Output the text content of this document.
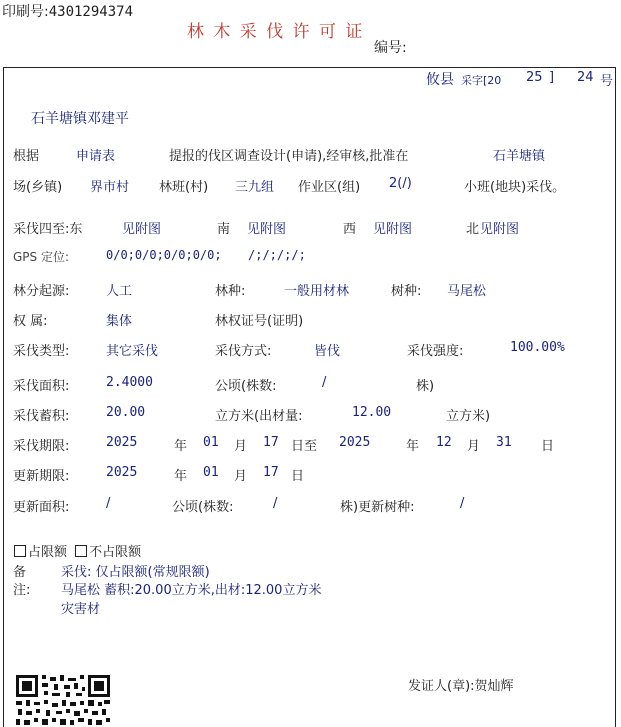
印刷号:4301294374
林 木 采 伐 许 可 证
编号:
攸县 采字[20 25 ] 24 号
石羊塘镇邓建平
根据	申请表	提报的伐区调查设计(申请),经审核,批准在	石羊塘镇
场(乡镇) 界市村 林班(村) 三九组 作业区(组) 2(/)	小班(地块)采伐。
采伐四至:东	见附图	南 见附图	西 见附图	北 见附图
GPS 定位:	0/0;0/0;0/0;0/0; /;/;/;/;
林分起源:	人工	林种:	一般用材林	树种: 马尾松
权 属:	集体	林权证号(证明)
采伐类型:	其它采伐	采伐方式:	皆伐	采伐强度:	100.00%
采伐面积:	2.4000	公顷(株数:	/	株)
采伐蓄积:	20.00	立方米(出材量:	12.00	立方米)
采伐期限:	2025	年 01 月 17 日至 2025	年 12 月 31 日
更新期限:	2025	年 01 月 17 日
更新面积:	/	公顷(株数:	/	株)更新树种:	/
占限额 不占限额
备
注:
采伐: 仅占限额(常规限额)
马尾松 蓄积:20.00立方米,出材:12.00立方米
灾害材
发证人(章):贺灿辉
